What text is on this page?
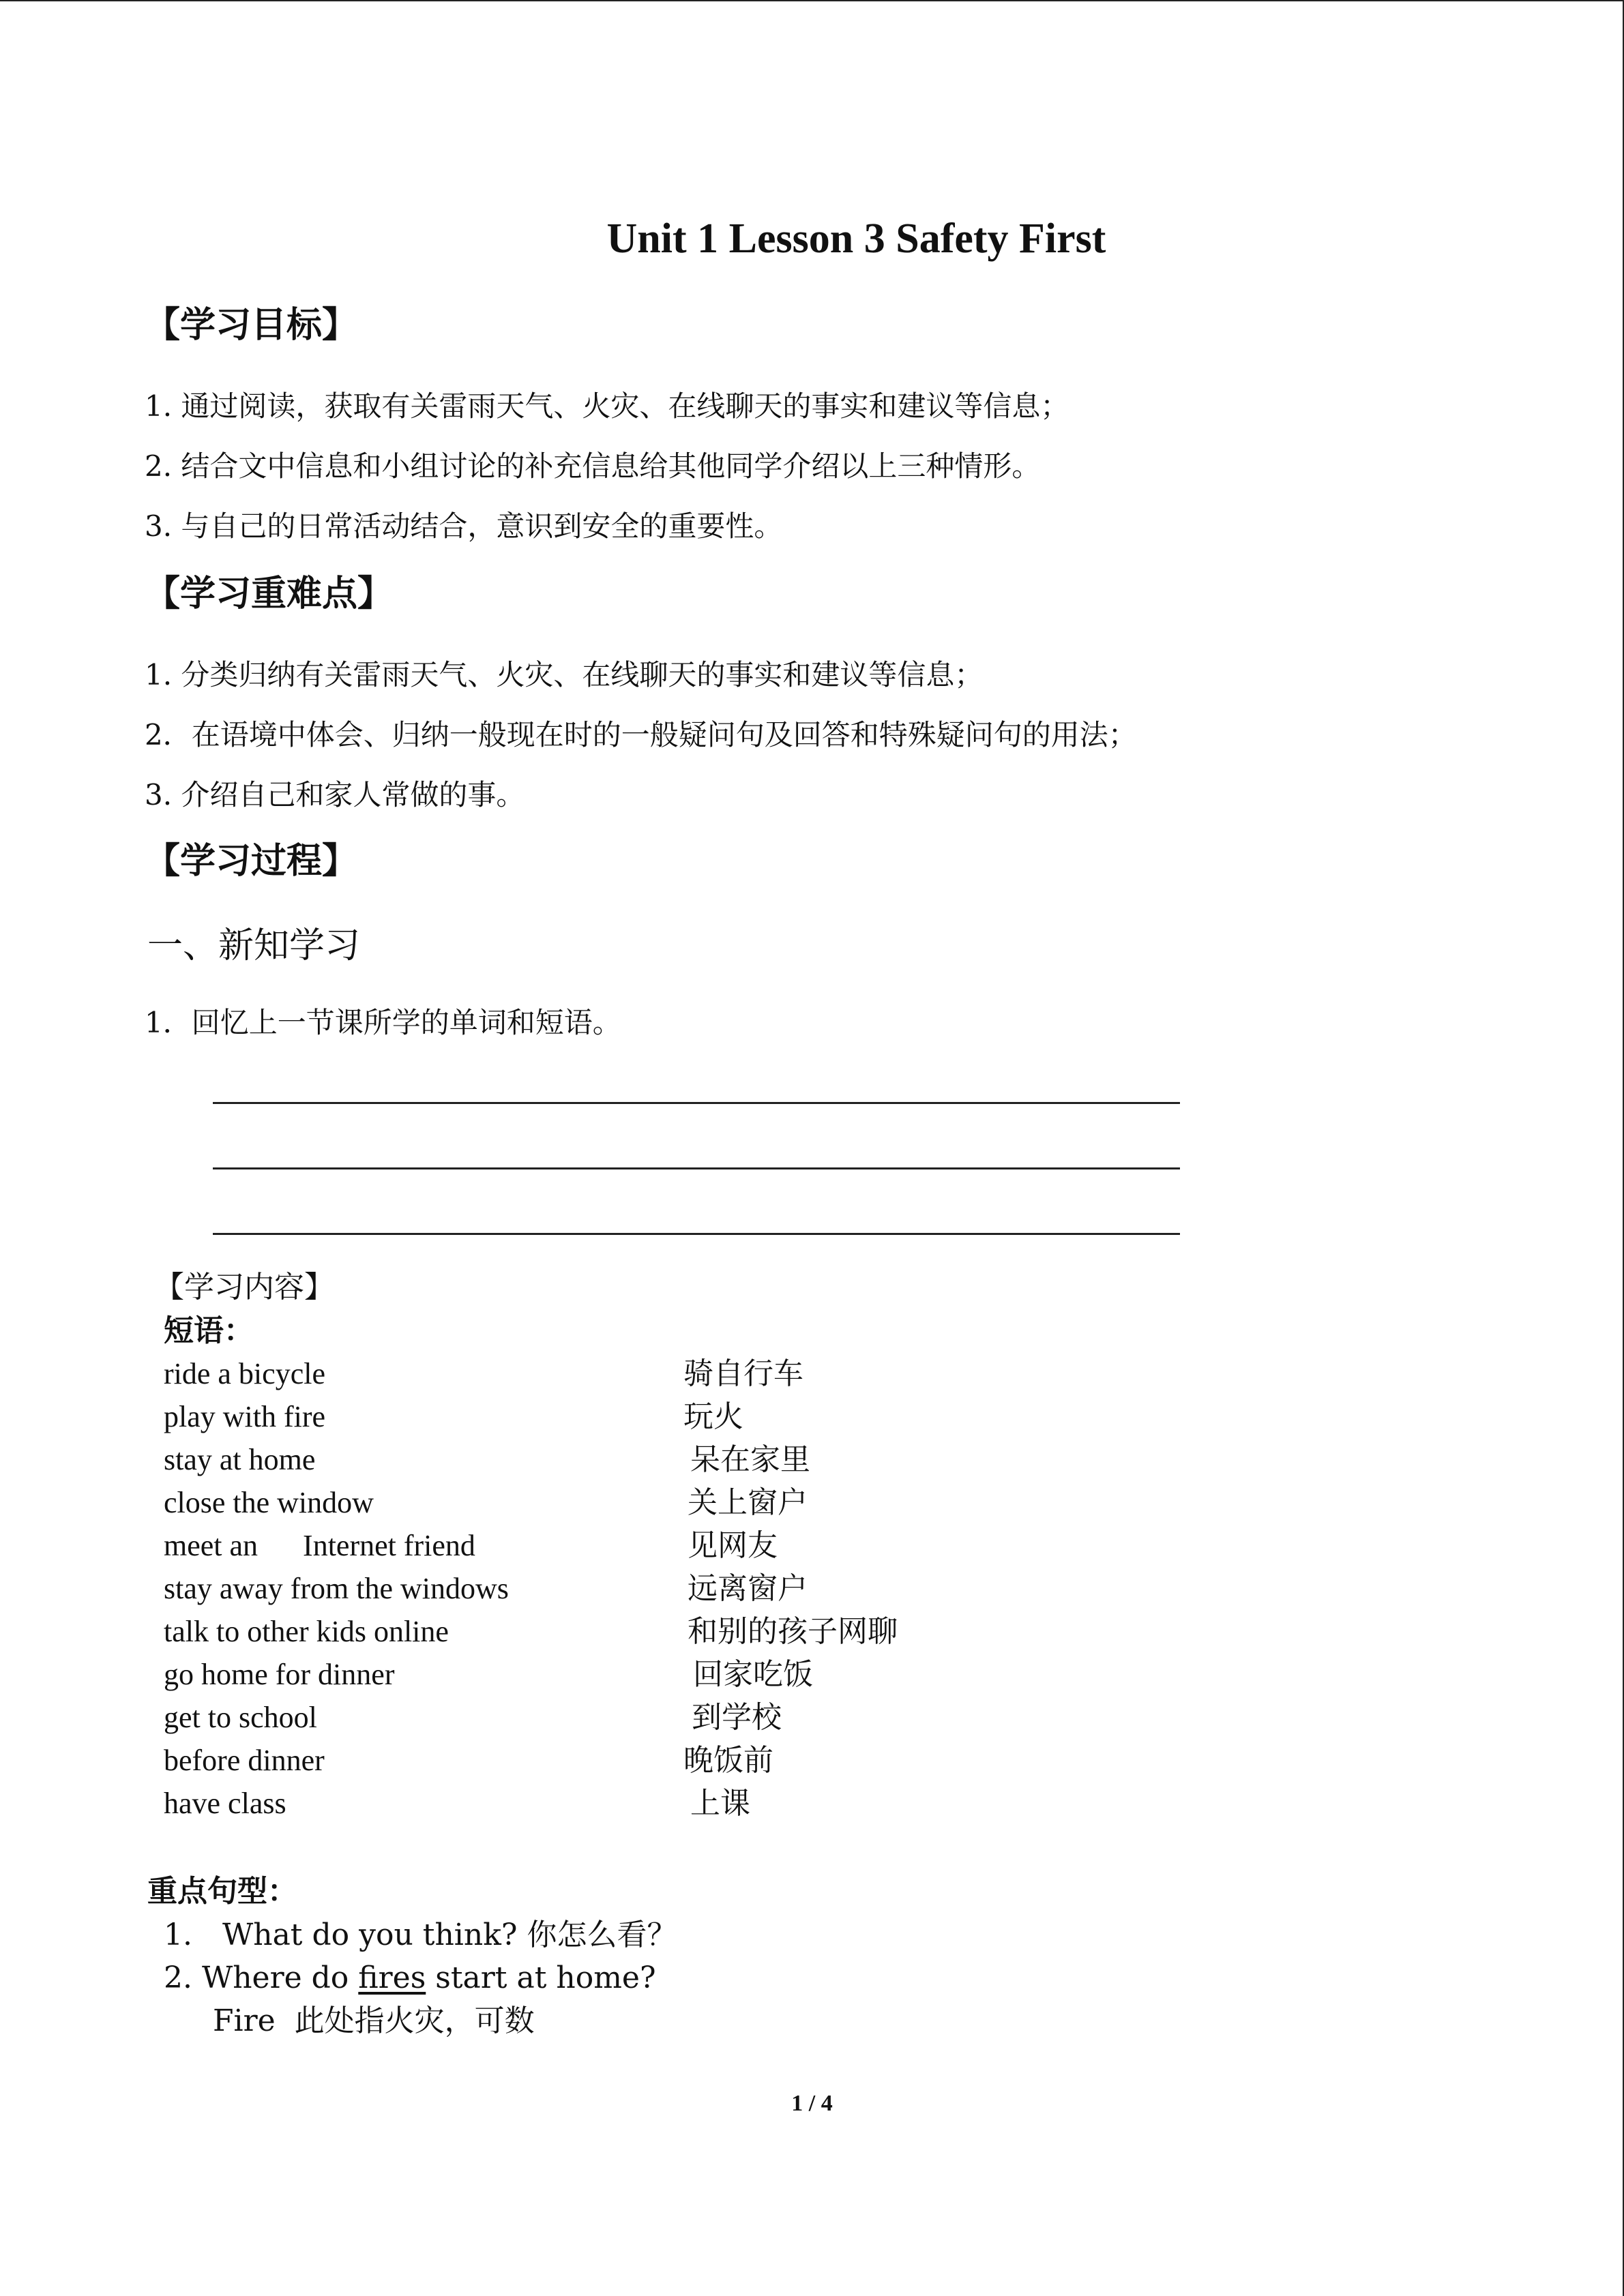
Unit 1 Lesson 3 Safety First
【学习目标】
1. 通过阅读，获取有关雷雨天气、火灾、在线聊天的事实和建议等信息；
2. 结合文中信息和小组讨论的补充信息给其他同学介绍以上三种情形。
3. 与自己的日常活动结合，意识到安全的重要性。
【学习重难点】
1. 分类归纳有关雷雨天气、火灾、在线聊天的事实和建议等信息；
2．在语境中体会、归纳一般现在时的一般疑问句及回答和特殊疑问句的用法；
3. 介绍自己和家人常做的事。
【学习过程】
一、新知学习
1．回忆上一节课所学的单词和短语。
【学习内容】
短语：
ride a bicycle	骑自行车
play with fire	玩火
stay at home	呆在家里
close the window	关上窗户
meet an      Internet friend	见网友
stay away from the windows	远离窗户
talk to other kids online	和别的孩子网聊
go home for dinner	回家吃饭
get to school	到学校
before dinner	晚饭前
have class	上课
重点句型：
1. What do you think? 你怎么看？
2. Where do fires start at home?
Fire  此处指火灾，可数
1 / 4
